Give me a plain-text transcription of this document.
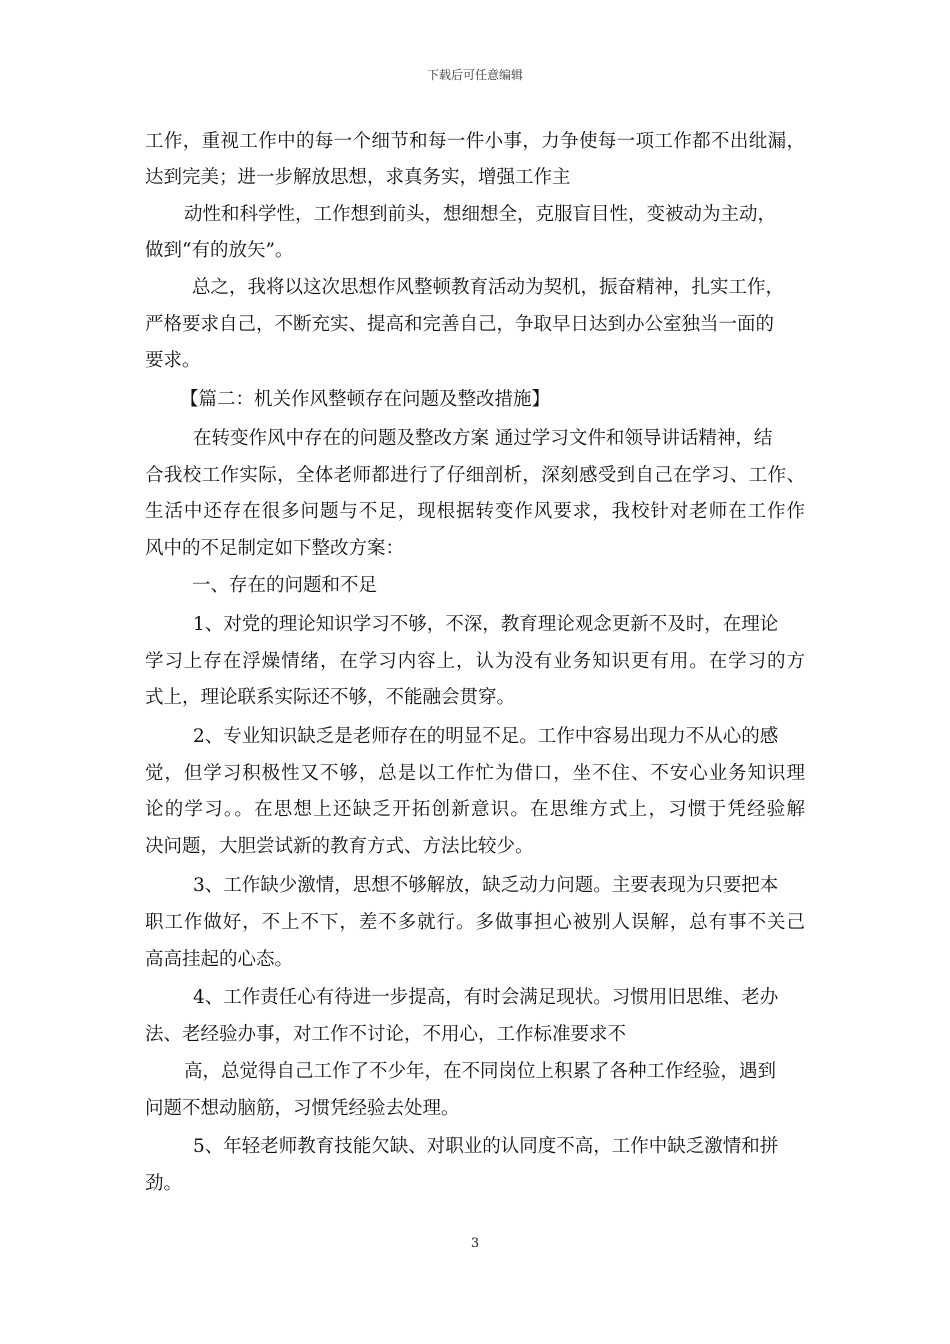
下载后可任意编辑
工作，重视工作中的每一个细节和每一件小事，力争使每一项工作都不出纰漏，
达到完美；进一步解放思想，求真务实，增强工作主
动性和科学性，工作想到前头，想细想全，克服盲目性，变被动为主动，
做到“有的放矢”。
总之，我将以这次思想作风整顿教育活动为契机，振奋精神，扎实工作，
严格要求自己，不断充实、提高和完善自己，争取早日达到办公室独当一面的
要求。
【篇二：机关作风整顿存在问题及整改措施】
在转变作风中存在的问题及整改方案 通过学习文件和领导讲话精神，结
合我校工作实际，全体老师都进行了仔细剖析，深刻感受到自己在学习、工作、
生活中还存在很多问题与不足，现根据转变作风要求，我校针对老师在工作作
风中的不足制定如下整改方案：
一、存在的问题和不足
1、对党的理论知识学习不够，不深，教育理论观念更新不及时，在理论
学习上存在浮燥情绪，在学习内容上，认为没有业务知识更有用。在学习的方
式上，理论联系实际还不够，不能融会贯穿。
2、专业知识缺乏是老师存在的明显不足。工作中容易出现力不从心的感
觉，但学习积极性又不够，总是以工作忙为借口，坐不住、不安心业务知识理
论的学习。。在思想上还缺乏开拓创新意识。在思维方式上，习惯于凭经验解
决问题，大胆尝试新的教育方式、方法比较少。
3、工作缺少激情，思想不够解放，缺乏动力问题。主要表现为只要把本
职工作做好，不上不下，差不多就行。多做事担心被别人误解，总有事不关己
高高挂起的心态。
4、工作责任心有待进一步提高，有时会满足现状。习惯用旧思维、老办
法、老经验办事，对工作不讨论，不用心，工作标准要求不
高，总觉得自己工作了不少年，在不同岗位上积累了各种工作经验，遇到
问题不想动脑筋，习惯凭经验去处理。
5、年轻老师教育技能欠缺、对职业的认同度不高，工作中缺乏激情和拼
劲。
3
